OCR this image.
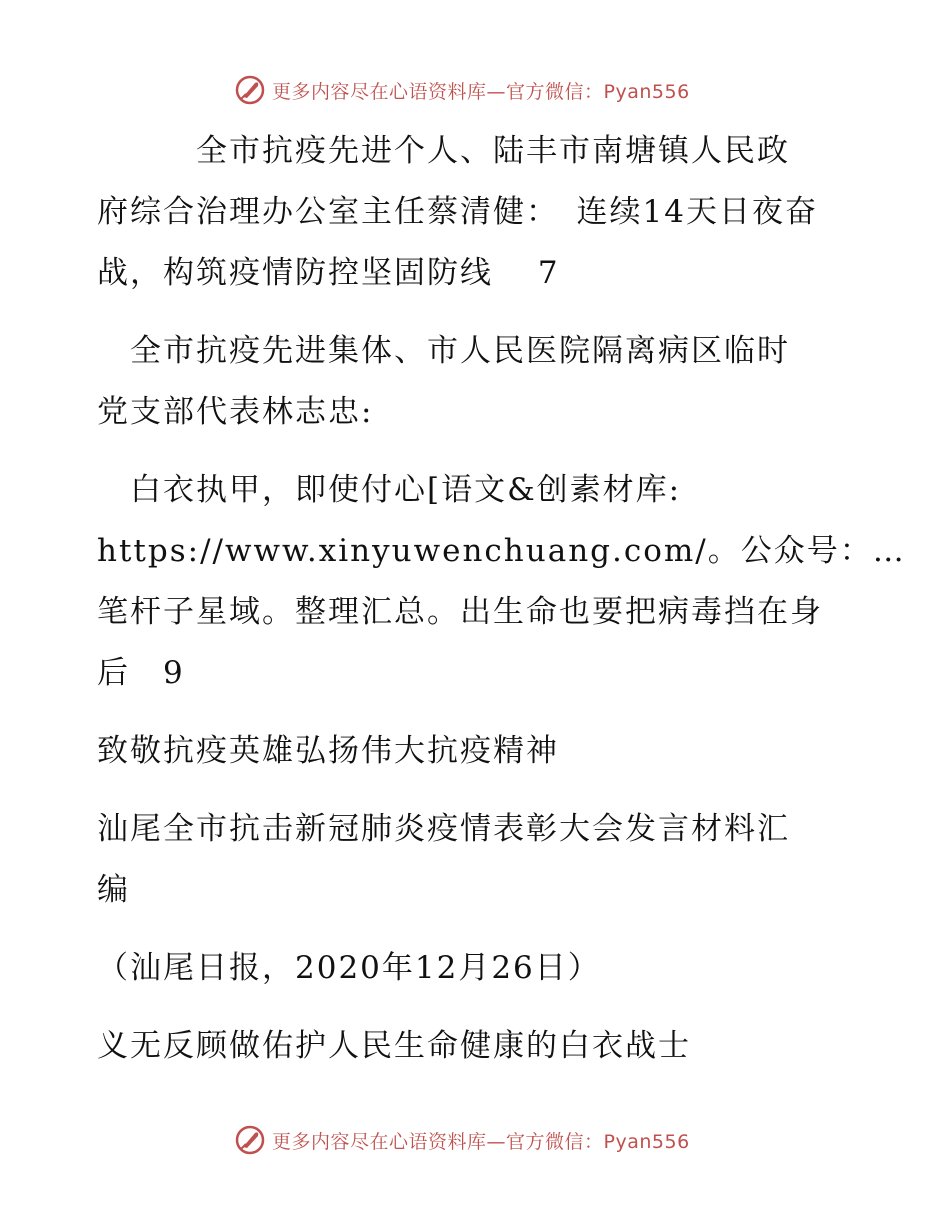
更多内容尽在心语资料库—官方微信：Pyan556

　　　全市抗疫先进个人、陆丰市南塘镇人民政

府综合治理办公室主任蔡清健：　连续14天日夜奋

战，构筑疫情防控坚固防线　 7

　全市抗疫先进集体、市人民医院隔离病区临时

党支部代表林志忠:

　白衣执甲，即使付心[语文&创素材库:

https://www.xinyuwenchuang.com/。公众号：…

笔杆子星域。整理汇总。出生命也要把病毒挡在身

后　9

致敬抗疫英雄弘扬伟大抗疫精神

汕尾全市抗击新冠肺炎疫情表彰大会发言材料汇

编

（汕尾日报，2020年12月26日）

义无反顾做佑护人民生命健康的白衣战士

更多内容尽在心语资料库—官方微信：Pyan556
